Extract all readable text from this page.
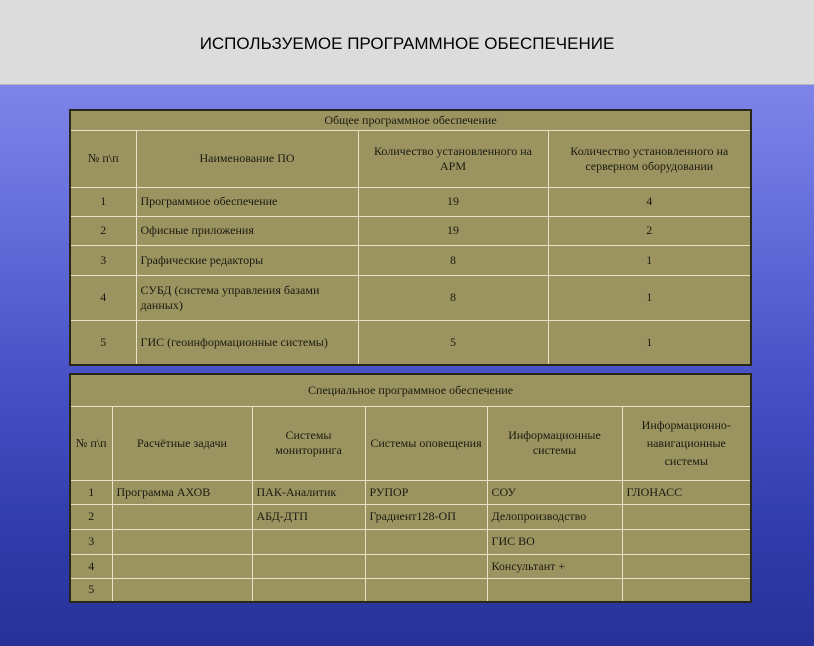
ИСПОЛЬЗУЕМОЕ ПРОГРАММНОЕ ОБЕСПЕЧЕНИЕ
Общее программное обеспечение			
№ п\п	Наименование ПО	Количество установленного на АРМ	Количество установленного на серверном оборудовании
1	Программное обеспечение	19	4
2	Офисные приложения	19	2
3	Графические редакторы	8	1
4	СУБД (система управления базами данных)	8	1
5	ГИС (геоинформационные системы)	5	1
Специальное программное обеспечение					
№ п\п	Расчётные задачи	Системы мониторинга	Системы оповещения	Информационные системы	Информационно-навигационные системы
1	Программа АХОВ	ПАК-Аналитик	РУПОР	СОУ	ГЛОНАСС
2		АБД-ДТП	Градиент128-ОП	Делопроизводство	
3				ГИС ВО	
4				Консультант +	
5					
